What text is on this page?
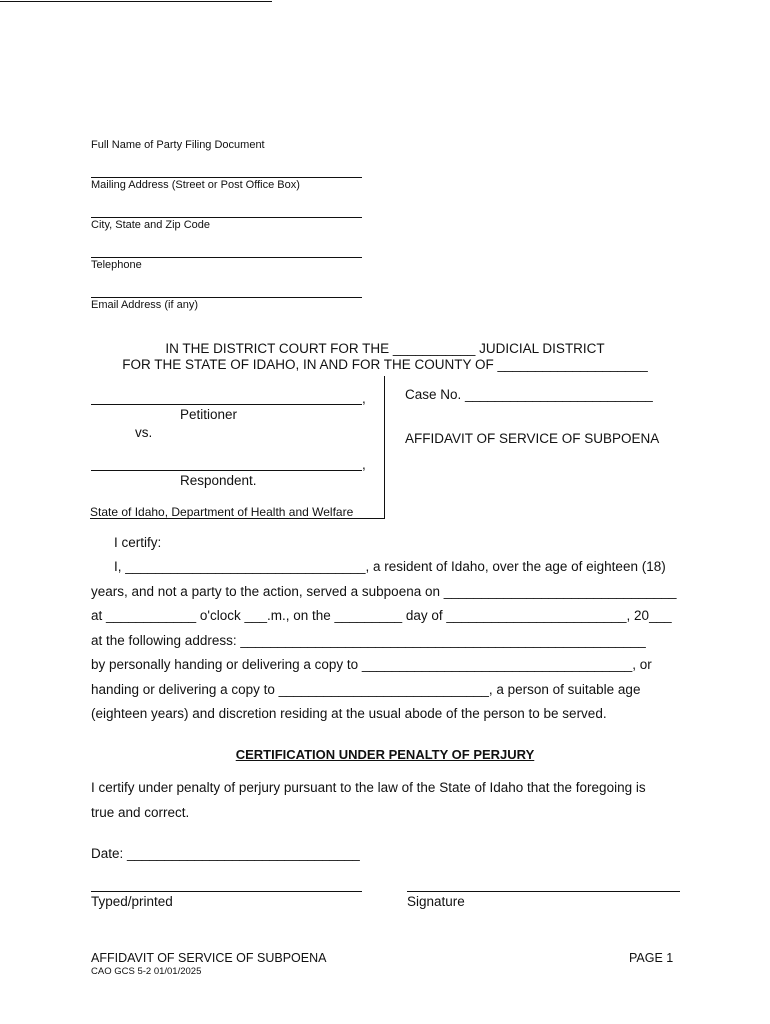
Full Name of Party Filing Document
Mailing Address (Street or Post Office Box)
City, State and Zip Code
Telephone
Email Address (if any)
IN THE DISTRICT COURT FOR THE ___________ JUDICIAL DISTRICT
FOR THE STATE OF IDAHO, IN AND FOR THE COUNTY OF ____________________
,
Petitioner
vs.
,
Respondent.
State of Idaho, Department of Health and Welfare
Case No. _________________________
AFFIDAVIT OF SERVICE OF SUBPOENA
I certify:
I, ________________________________, a resident of Idaho, over the age of eighteen (18)
years, and not a party to the action, served a subpoena on _______________________________
at ____________ o'clock ___.m., on the _________ day of ________________________, 20___
at the following address: ______________________________________________________
by personally handing or delivering a copy to ____________________________________, or
handing or delivering a copy to ____________________________, a person of suitable age
(eighteen years) and discretion residing at the usual abode of the person to be served.
CERTIFICATION UNDER PENALTY OF PERJURY
I certify under penalty of perjury pursuant to the law of the State of Idaho that the foregoing is
true and correct.
Date: _______________________________
Typed/printed	Signature
AFFIDAVIT OF SERVICE OF SUBPOENA	PAGE 1
CAO GCS 5-2 01/01/2025
